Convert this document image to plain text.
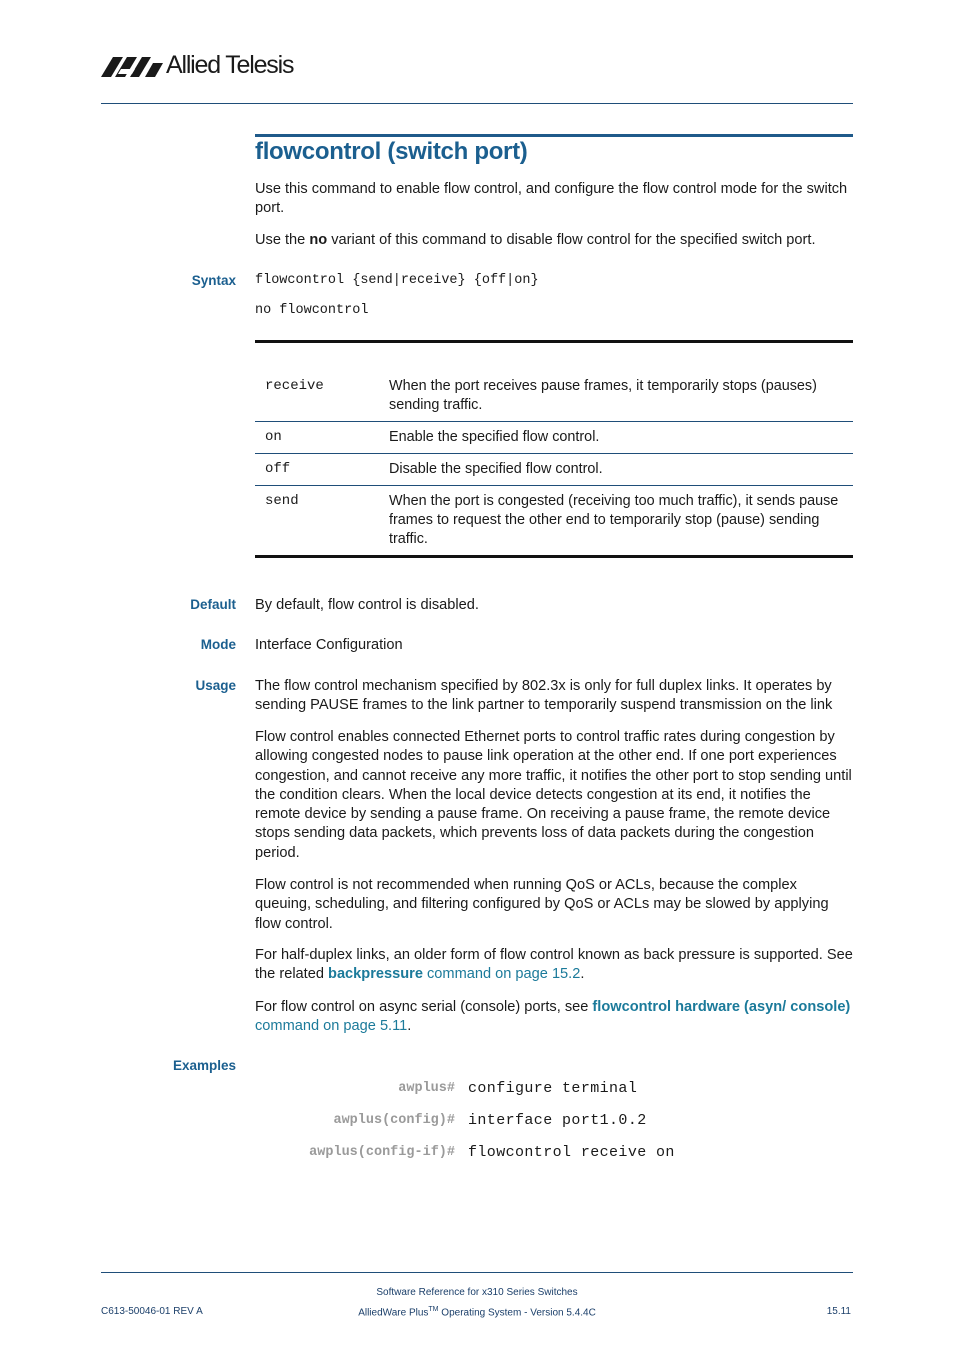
Allied Telesis
flowcontrol (switch port)
Use this command to enable flow control, and configure the flow control mode for the switch port.
Use the no variant of this command to disable flow control for the specified switch port.
Syntax flowcontrol {send|receive} {off|on}
no flowcontrol

receive	When the port receives pause frames, it temporarily stops (pauses) sending traffic.
on	Enable the specified flow control.
off	Disable the specified flow control.
send	When the port is congested (receiving too much traffic), it sends pause frames to request the other end to temporarily stop (pause) sending traffic.
Default By default, flow control is disabled.
Mode Interface Configuration
Usage The flow control mechanism specified by 802.3x is only for full duplex links. It operates by sending PAUSE frames to the link partner to temporarily suspend transmission on the link
Flow control enables connected Ethernet ports to control traffic rates during congestion by allowing congested nodes to pause link operation at the other end. If one port experiences congestion, and cannot receive any more traffic, it notifies the other port to stop sending until the condition clears. When the local device detects congestion at its end, it notifies the remote device by sending a pause frame. On receiving a pause frame, the remote device stops sending data packets, which prevents loss of data packets during the congestion period.
Flow control is not recommended when running QoS or ACLs, because the complex queuing, scheduling, and filtering configured by QoS or ACLs may be slowed by applying flow control.
For half-duplex links, an older form of flow control known as back pressure is supported. See the related backpressure command on page 15.2.
For flow control on async serial (console) ports, see flowcontrol hardware (asyn/ console) command on page 5.11.
Examples
awplus# configure terminal
awplus(config)# interface port1.0.2
awplus(config-if)# flowcontrol receive on
Software Reference for x310 Series Switches
C613-50046-01 REV A	AlliedWare Plus™ Operating System - Version 5.4.4C	15.11
